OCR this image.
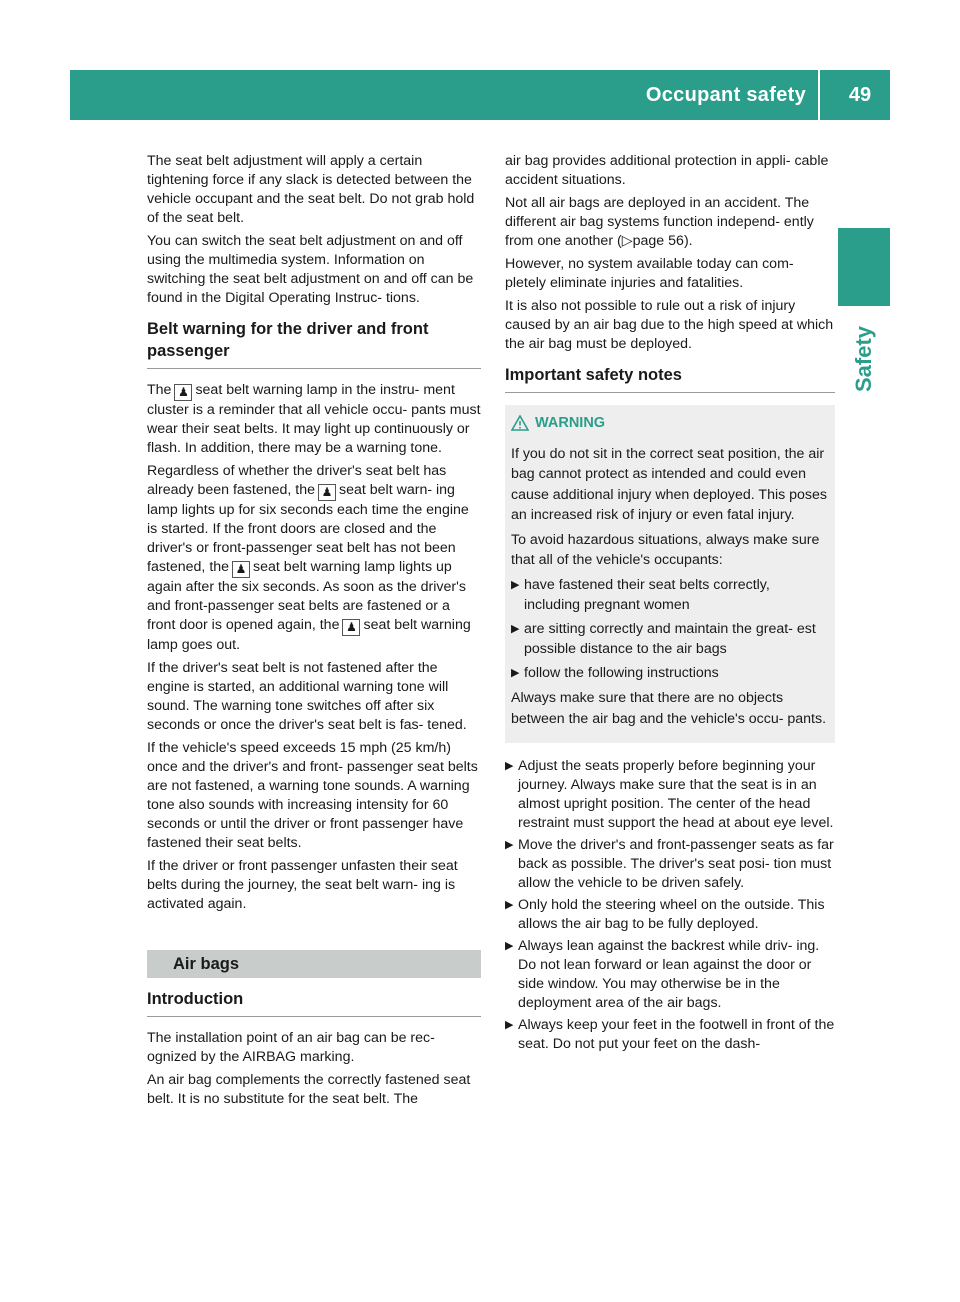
Occupant safety	49
Safety

The seat belt adjustment will apply a certain tightening force if any slack is detected between the vehicle occupant and the seat belt. Do not grab hold of the seat belt.

You can switch the seat belt adjustment on and off using the multimedia system. Information on switching the seat belt adjustment on and off can be found in the Digital Operating Instruc- tions.

Belt warning for the driver and front passenger

The ♟ seat belt warning lamp in the instru- ment cluster is a reminder that all vehicle occu- pants must wear their seat belts. It may light up continuously or flash. In addition, there may be a warning tone.

Regardless of whether the driver's seat belt has already been fastened, the ♟ seat belt warn- ing lamp lights up for six seconds each time the engine is started. If the front doors are closed and the driver's or front-passenger seat belt has not been fastened, the ♟ seat belt warning lamp lights up again after the six seconds. As soon as the driver's and front-passenger seat belts are fastened or a front door is opened again, the ♟ seat belt warning lamp goes out.

If the driver's seat belt is not fastened after the engine is started, an additional warning tone will sound. The warning tone switches off after six seconds or once the driver's seat belt is fas- tened.

If the vehicle's speed exceeds 15 mph (25 km/h) once and the driver's and front- passenger seat belts are not fastened, a warning tone sounds. A warning tone also sounds with increasing intensity for 60 seconds or until the driver or front passenger have fastened their seat belts.

If the driver or front passenger unfasten their seat belts during the journey, the seat belt warn- ing is activated again.

Air bags
Introduction

The installation point of an air bag can be rec- ognized by the AIRBAG marking.

An air bag complements the correctly fastened seat belt. It is no substitute for the seat belt. The

air bag provides additional protection in appli- cable accident situations.

Not all air bags are deployed in an accident. The different air bag systems function independ- ently from one another (▷page 56).

However, no system available today can com- pletely eliminate injuries and fatalities.

It is also not possible to rule out a risk of injury caused by an air bag due to the high speed at which the air bag must be deployed.

Important safety notes
WARNING

If you do not sit in the correct seat position, the air bag cannot protect as intended and could even cause additional injury when deployed. This poses an increased risk of injury or even fatal injury.

To avoid hazardous situations, always make sure that all of the vehicle's occupants:

▶ have fastened their seat belts correctly, including pregnant women
▶ are sitting correctly and maintain the great- est possible distance to the air bags
▶ follow the following instructions

Always make sure that there are no objects between the air bag and the vehicle's occu- pants.

▶ Adjust the seats properly before beginning your journey. Always make sure that the seat is in an almost upright position. The center of the head restraint must support the head at about eye level.
▶ Move the driver's and front-passenger seats as far back as possible. The driver's seat posi- tion must allow the vehicle to be driven safely.
▶ Only hold the steering wheel on the outside. This allows the air bag to be fully deployed.
▶ Always lean against the backrest while driv- ing. Do not lean forward or lean against the door or side window. You may otherwise be in the deployment area of the air bags.
▶ Always keep your feet in the footwell in front of the seat. Do not put your feet on the dash-
